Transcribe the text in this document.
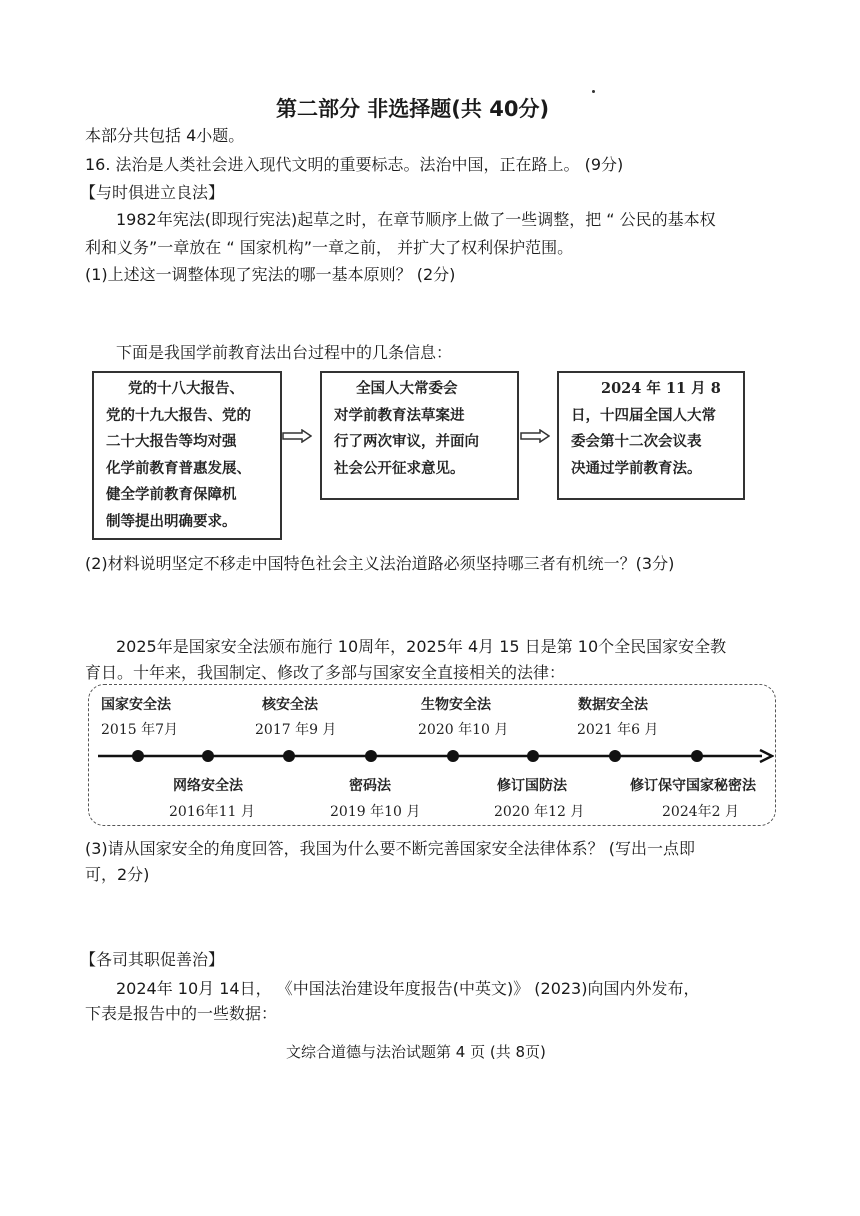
第二部分 非选择题(共 40分)
本部分共包括 4小题。
16. 法治是人类社会进入现代文明的重要标志。法治中国，正在路上。 (9分)
【与时俱进立良法】
1982年宪法(即现行宪法)起草之时，在章节顺序上做了一些调整，把 “ 公民的基本权
利和义务”一章放在 “ 国家机构”一章之前， 并扩大了权利保护范围。
(1)上述这一调整体现了宪法的哪一基本原则？ (2分)
下面是我国学前教育法出台过程中的几条信息：
党的十八大报告、
党的十九大报告、党的
二十大报告等均对强
化学前教育普惠发展、
健全学前教育保障机
制等提出明确要求。
全国人大常委会
对学前教育法草案进
行了两次审议，并面向
社会公开征求意见。
2024 年 11 月 8
日，十四届全国人大常
委会第十二次会议表
决通过学前教育法。
(2)材料说明坚定不移走中国特色社会主义法治道路必须坚持哪三者有机统一？(3分)
2025年是国家安全法颁布施行 10周年，2025年 4月 15 日是第 10个全民国家安全教
育日。十年来，我国制定、修改了多部与国家安全直接相关的法律：
国家安全法
2015 年7月
核安全法
2017 年9 月
生物安全法
2020 年10 月
数据安全法
2021 年6 月
网络安全法
2016年11 月
密码法
2019 年10 月
修订国防法
2020 年12 月
修订保守国家秘密法
2024年2 月
(3)请从国家安全的角度回答，我国为什么要不断完善国家安全法律体系？ (写出一点即
可，2分)
【各司其职促善治】
2024年 10月 14日， 《中国法治建设年度报告(中英文)》 (2023)向国内外发布，
下表是报告中的一些数据：
文综合道德与法治试题第 4 页 (共 8页)
